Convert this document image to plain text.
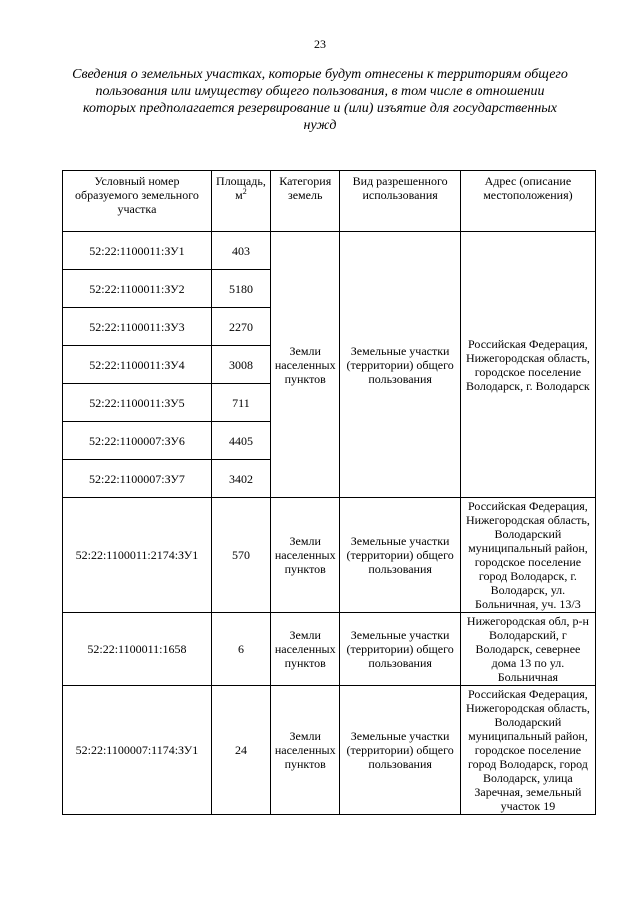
23
Сведения о земельных участках, которые будут отнесены к территориям общего пользования или имуществу общего пользования, в том числе в отношении которых предполагается резервирование и (или) изъятие для государственных нужд
Условный номер образуемого земельного участка	Площадь, $м^2$	Категория земель	Вид разрешенного использования	Адрес (описание местоположения)
52:22:1100011:ЗУ1	403	Земли населенных пунктов	Земельные участки (территории) общего пользования	Российская Федерация, Нижегородская область, городское поселение Володарск, г. Володарск
52:22:1100011:ЗУ2	5180			
52:22:1100011:ЗУ3	2270			
52:22:1100011:ЗУ4	3008			
52:22:1100011:ЗУ5	711			
52:22:1100007:ЗУ6	4405			
52:22:1100007:ЗУ7	3402			
52:22:1100011:2174:ЗУ1	570	Земли населенных пунктов	Земельные участки (территории) общего пользования	Российская Федерация, Нижегородская область, Володарский муниципальный район, городское поселение город Володарск, г. Володарск, ул. Больничная, уч. 13/3
52:22:1100011:1658	6	Земли населенных пунктов	Земельные участки (территории) общего пользования	Нижегородская обл, р-н Володарский, г Володарск, севернее дома 13 по ул. Больничная
52:22:1100007:1174:ЗУ1	24	Земли населенных пунктов	Земельные участки (территории) общего пользования	Российская Федерация, Нижегородская область, Володарский муниципальный район, городское поселение город Володарск, город Володарск, улица Заречная, земельный участок 19
